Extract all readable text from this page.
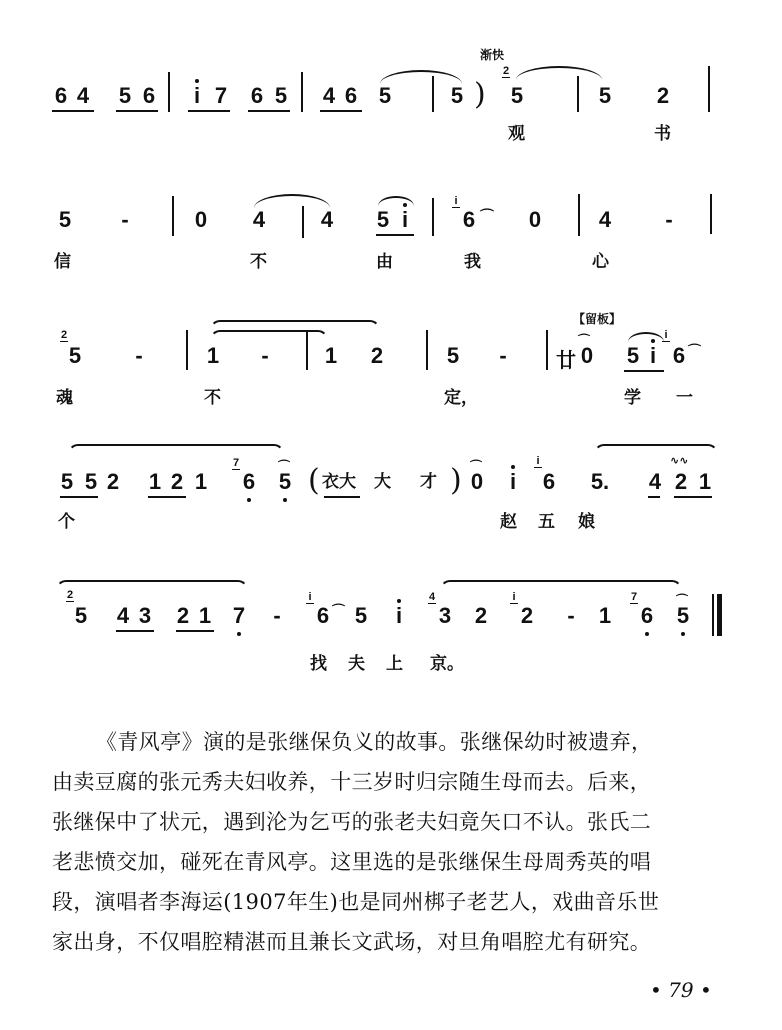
6 4 5 6 i 7 6 5 4 6 5	5 )
渐快
2
5	5 2
观	书
5 -	0 4	4 5 i
i
6 ⌒ 0	4 -
信	不	由	我	心
2
5 -	1 -	1 2	5 -
【留板】
廿
⌒
0 5 i
i
6 ⌒
魂	不	定，	学 一
5 5 2 1 2 1
7
6
⌒
5 ( 衣大 大 才 ) ⌒
0 i
i
6 5. 4
∿∿
2 1
个	赵 五 娘
2
5 4 3 2 1 7 -
i
6 ⌒ 5 i
4
3 2
i
2 - 1
7
6
⌒
5
找 夫 上 京。

《青风亭》演的是张继保负义的故事。张继保幼时被遗弃，

由卖豆腐的张元秀夫妇收养，十三岁时归宗随生母而去。后来，

张继保中了状元，遇到沦为乞丐的张老夫妇竟矢口不认。张氏二

老悲愤交加，碰死在青风亭。这里选的是张继保生母周秀英的唱

段，演唱者李海运(1907年生)也是同州梆子老艺人，戏曲音乐世

家出身，不仅唱腔精湛而且兼长文武场，对旦角唱腔尤有研究。

• 79 •
